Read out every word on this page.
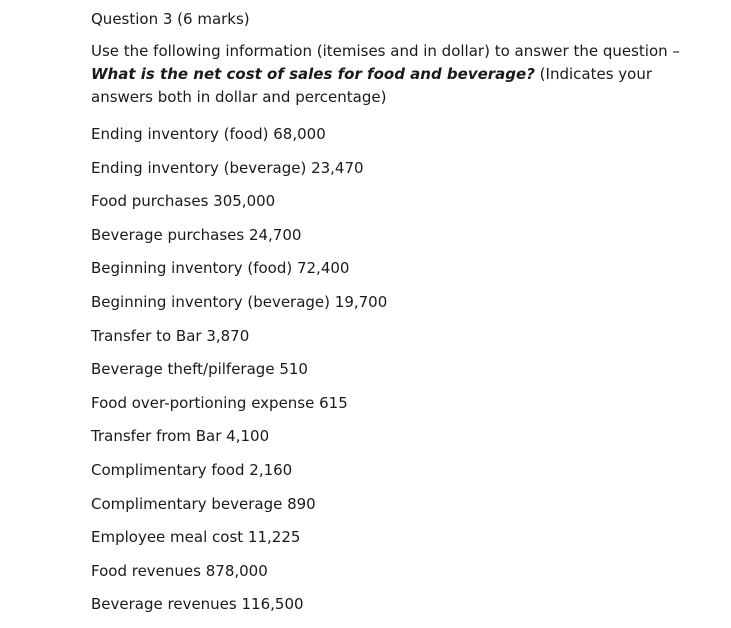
Question 3 (6 marks)

Use the following information (itemises and in dollar) to answer the question – What is the net cost of sales for food and beverage? (Indicates your answers both in dollar and percentage)

Ending inventory (food) 68,000
Ending inventory (beverage) 23,470
Food purchases 305,000
Beverage purchases 24,700
Beginning inventory (food) 72,400
Beginning inventory (beverage) 19,700
Transfer to Bar 3,870
Beverage theft/pilferage 510
Food over-portioning expense 615
Transfer from Bar 4,100
Complimentary food 2,160
Complimentary beverage 890
Employee meal cost 11,225
Food revenues 878,000
Beverage revenues 116,500
